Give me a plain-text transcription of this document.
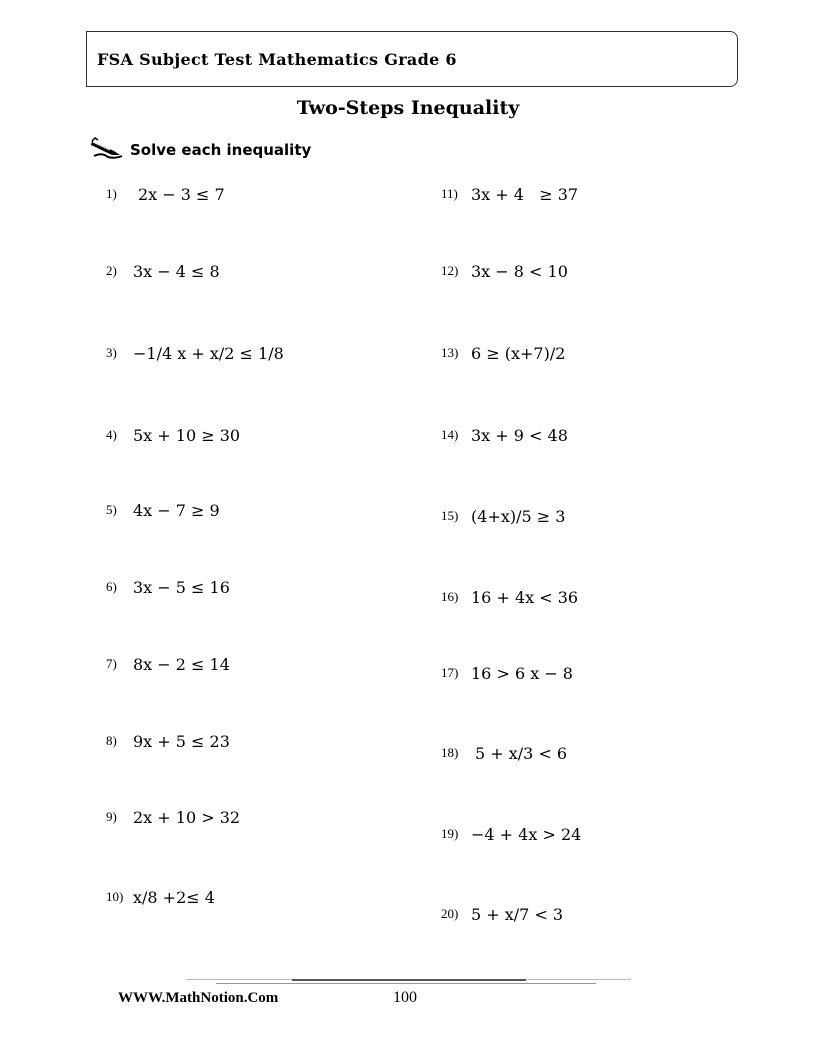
FSA Subject Test Mathematics Grade 6
Two-Steps Inequality
Solve each inequality
1)	2x − 3 ≤ 7
2)	3x − 4 ≤ 8
3)	−1/4 x + x/2 ≤ 1/8
4)	5x + 10 ≥ 30
5)	4x − 7 ≥ 9
6)	3x − 5 ≤ 16
7)	8x − 2 ≤ 14
8)	9x + 5 ≤ 23
9)	2x + 10 > 32
10) x/8 +2≤ 4
11) 3x + 4   ≥ 37
12) 3x − 8 < 10
13) 6 ≥ (x+7)/2
14) 3x + 9 < 48
15) (4+x)/5 ≥ 3
16) 16 + 4x < 36
17) 16 > 6 x − 8
18)	5 + x/3 < 6
19) −4 + 4x > 24
20) 5 + x/7 < 3
WWW.MathNotion.Com	100
